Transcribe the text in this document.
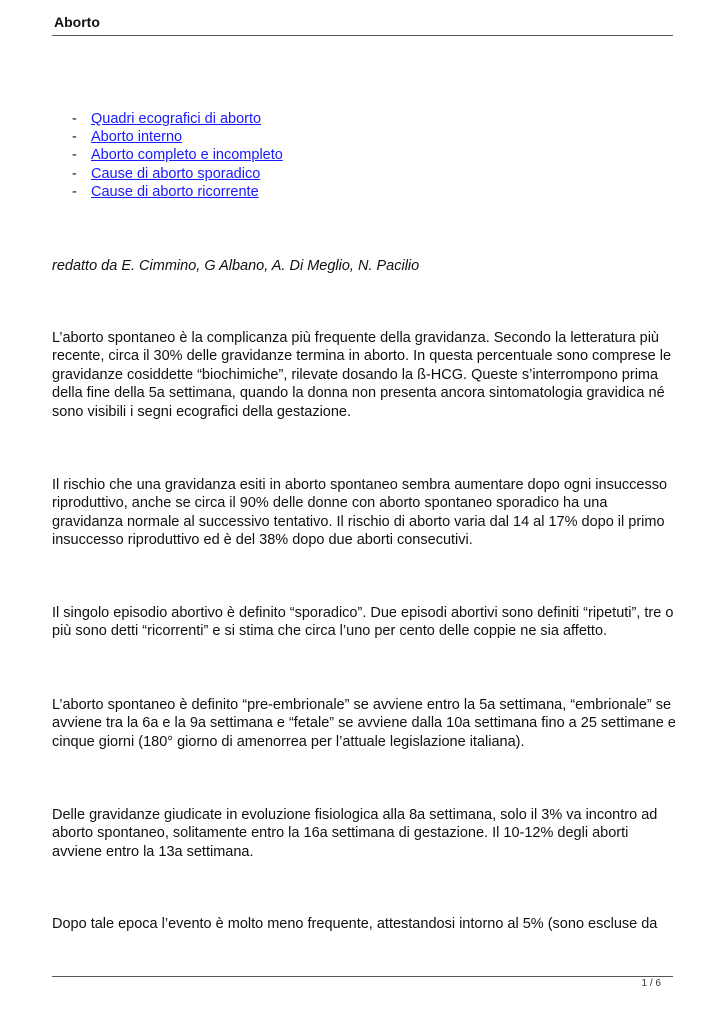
Aborto
- Quadri ecografici di aborto
- Aborto interno
- Aborto completo e incompleto
- Cause di aborto sporadico
- Cause di aborto ricorrente

redatto da E. Cimmino, G Albano, A. Di Meglio, N. Pacilio

L’aborto spontaneo è la complicanza più frequente della gravidanza. Secondo la letteratura più recente, circa il 30% delle gravidanze termina in aborto. In questa percentuale sono comprese le gravidanze cosiddette “biochimiche”, rilevate dosando la ß-HCG. Queste s’interrompono prima della fine della 5a settimana, quando la donna non presenta ancora sintomatologia gravidica né sono visibili i segni ecografici della gestazione.

Il rischio che una gravidanza esiti in aborto spontaneo sembra aumentare dopo ogni insuccesso riproduttivo, anche se circa il 90% delle donne con aborto spontaneo sporadico ha una gravidanza normale al successivo tentativo. Il rischio di aborto varia dal 14 al 17% dopo il primo insuccesso riproduttivo ed è del 38% dopo due aborti consecutivi.

Il singolo episodio abortivo è definito “sporadico”. Due episodi abortivi sono definiti “ripetuti”, tre o più sono detti “ricorrenti” e si stima che circa l’uno per cento delle coppie ne sia affetto.

L’aborto spontaneo è definito “pre-embrionale” se avviene entro la 5a settimana, “embrionale” se avviene tra la 6a e la 9a settimana e “fetale” se avviene dalla 10a settimana fino a 25 settimane e cinque giorni (180° giorno di amenorrea per l’attuale legislazione italiana).

Delle gravidanze giudicate in evoluzione fisiologica alla 8a settimana, solo il 3% va incontro ad aborto spontaneo, solitamente entro la 16a settimana di gestazione. Il 10-12% degli aborti avviene entro la 13a settimana.

Dopo tale epoca l’evento è molto meno frequente, attestandosi intorno al 5% (sono escluse da

1 / 6
